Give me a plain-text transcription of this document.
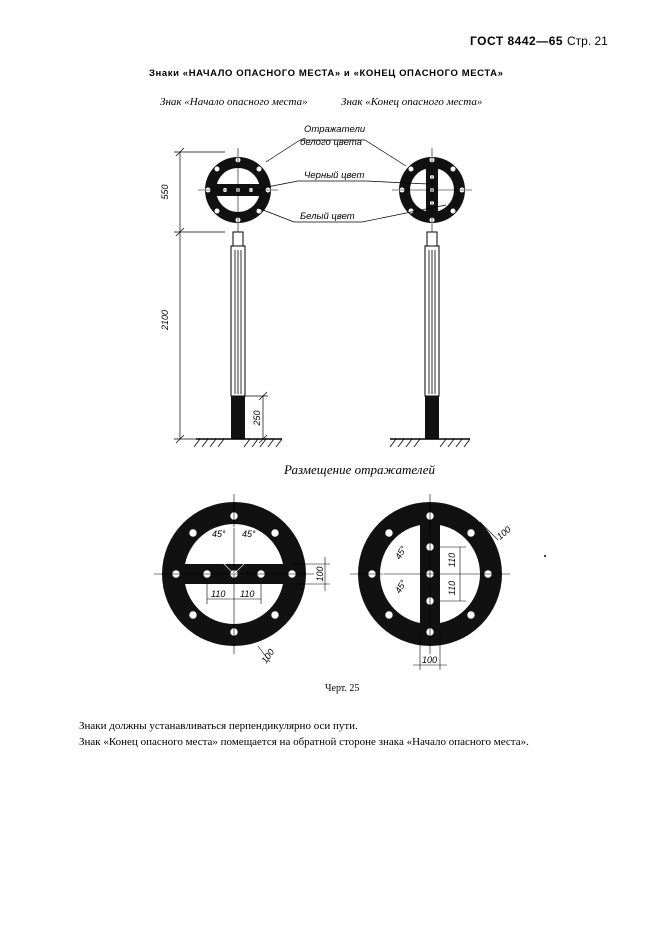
ГОСТ 8442—65 Стр. 21
Знаки «НАЧАЛО ОПАСНОГО МЕСТА» и «КОНЕЦ ОПАСНОГО МЕСТА»
Знак «Начало опасного места»	Знак «Конец опасного места»
550
2100
250
Отражатели
белого цвета
Черный цвет
Белый цвет
45° 45°
110 110
100
100
45°
45°
110
110
100
100
Размещение отражателей
Черт. 25
Знаки должны устанавливаться перпендикулярно оси пути.
Знак «Конец опасного места» помещается на обратной стороне знака «Начало опасного места».
